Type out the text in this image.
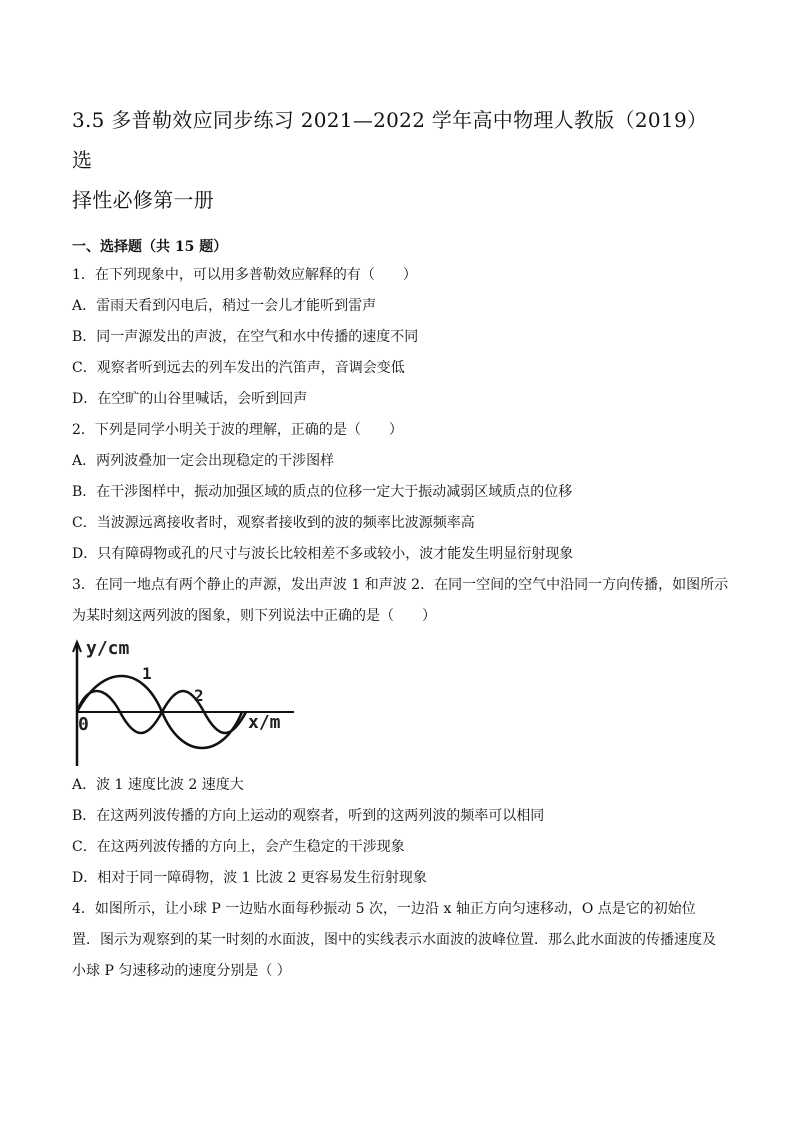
3.5 多普勒效应同步练习 2021—2022 学年高中物理人教版（2019）选
择性必修第一册
一、选择题（共 15 题）

1．在下列现象中，可以用多普勒效应解释的有（　　）

A．雷雨天看到闪电后，稍过一会儿才能听到雷声

B．同一声源发出的声波，在空气和水中传播的速度不同

C．观察者听到远去的列车发出的汽笛声，音调会变低

D．在空旷的山谷里喊话，会听到回声

2．下列是同学小明关于波的理解，正确的是（　　）

A．两列波叠加一定会出现稳定的干涉图样

B．在干涉图样中，振动加强区域的质点的位移一定大于振动减弱区域质点的位移

C．当波源远离接收者时，观察者接收到的波的频率比波源频率高

D．只有障碍物或孔的尺寸与波长比较相差不多或较小，波才能发生明显衍射现象

3．在同一地点有两个静止的声源，发出声波 1 和声波 2．在同一空间的空气中沿同一方向传播，如图所示

为某时刻这两列波的图象，则下列说法中正确的是（　　）

y/cm
x/m
0
1
2

A．波 1 速度比波 2 速度大

B．在这两列波传播的方向上运动的观察者，听到的这两列波的频率可以相同

C．在这两列波传播的方向上，会产生稳定的干涉现象

D．相对于同一障碍物，波 1 比波 2 更容易发生衍射现象

4．如图所示，让小球 P 一边贴水面每秒振动 5 次，一边沿 x 轴正方向匀速移动，O 点是它的初始位

置．图示为观察到的某一时刻的水面波，图中的实线表示水面波的波峰位置．那么此水面波的传播速度及

小球 P 匀速移动的速度分别是（ ）
